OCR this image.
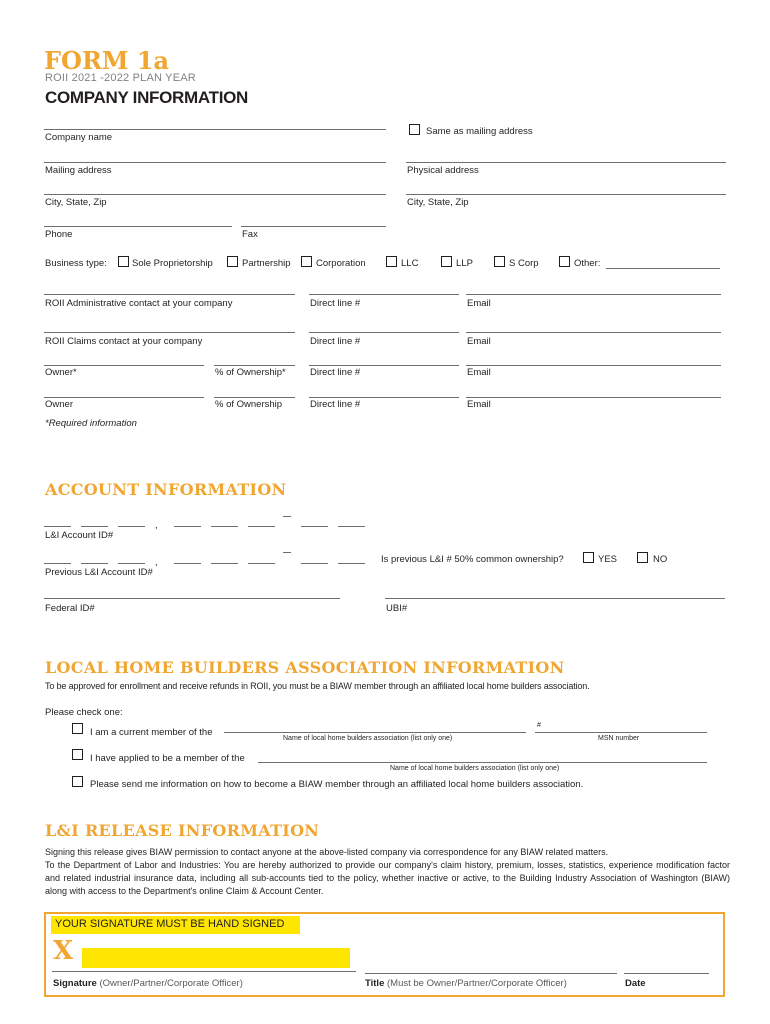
FORM 1a
ROII 2021 -2022 PLAN YEAR
COMPANY INFORMATION
Company name
Same as mailing address
Mailing address	Physical address
City, State, Zip	City, State, Zip
Phone	Fax
Business type:	Sole Proprietorship	Partnership	Corporation	LLC	LLP	S Corp	Other:
ROII Administrative contact at your company	Direct line #	Email
ROII Claims contact at your company	Direct line #	Email
Owner*	% of Ownership*	Direct line #	Email
Owner	% of Ownership	Direct line #	Email
*Required information
ACCOUNT INFORMATION
,
L&I Account ID#
,
Previous L&I Account ID#
Is previous L&I # 50% common ownership?	YES	NO
Federal ID#	UBI#
LOCAL HOME BUILDERS ASSOCIATION INFORMATION
To be approved for enrollment and receive refunds in ROII, you must be a BIAW member through an affiliated local home builders association.
Please check one:
I am a current member of the
Name of local home builders association (list only one)
#
MSN number
I have applied to be a member of the
Name of local home builders association (list only one)
Please send me information on how to become a BIAW member through an affiliated local home builders association.
L&I RELEASE INFORMATION
Signing this release gives BIAW permission to contact anyone at the above-listed company via correspondence for any BIAW related matters.
To the Department of Labor and Industries: You are hereby authorized to provide our company's claim history, premium, losses, statistics, experience modification factor and related industrial insurance data, including all sub-accounts tied to the policy, whether inactive or active, to the Building Industry Association of Washington (BIAW) along with access to the Department's online Claim & Account Center.
YOUR SIGNATURE MUST BE HAND SIGNED
X
Signature (Owner/Partner/Corporate Officer)	Title (Must be Owner/Partner/Corporate Officer)	Date
